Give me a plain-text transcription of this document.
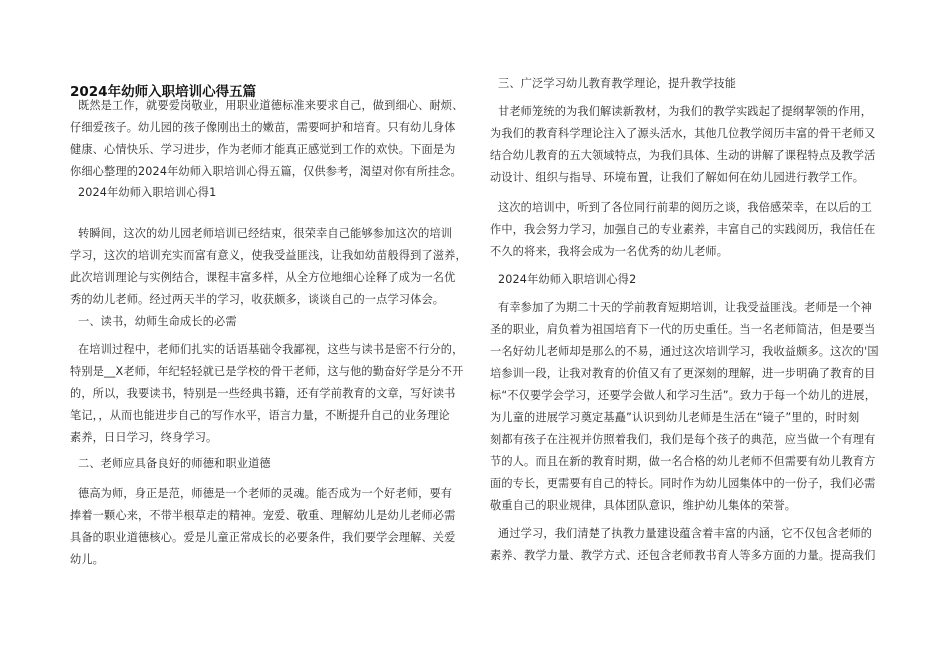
2024年幼师入职培训心得五篇
既然是工作，就要爱岗敬业，用职业道德标准来要求自己，做到细心、耐烦、
仔细爱孩子。幼儿园的孩子像刚出土的嫩苗，需要呵护和培育。只有幼儿身体
健康、心情快乐、学习进步，作为老师才能真正感觉到工作的欢快。下面是为
你细心整理的2024年幼师入职培训心得五篇，仅供参考，渴望对你有所挂念。
2024年幼师入职培训心得1
转瞬间，这次的幼儿园老师培训已经结束，很荣幸自己能够参加这次的培训
学习，这次的培训充实而富有意义，使我受益匪浅，让我如幼苗般得到了滋养，
此次培训理论与实例结合，课程丰富多样，从全方位地细心诠释了成为一名优
秀的幼儿老师。经过两天半的学习，收获颇多，谈谈自己的一点学习体会。
一、读书，幼师生命成长的必需
在培训过程中，老师们扎实的话语基础令我鄙视，这些与读书是密不行分的，
特别是__X老师，年纪轻轻就已是学校的骨干老师，这与他的勤奋好学是分不开
的，所以，我要读书，特别是一些经典书籍，还有学前教育的文章，写好读书
笔记，，从而也能进步自己的写作水平，语言力量，不断提升自己的业务理论
素养，日日学习，终身学习。
二、老师应具备良好的师德和职业道德
德高为师，身正是范，师德是一个老师的灵魂。能否成为一个好老师，要有
捧着一颗心来，不带半根草走的精神。宠爱、敬重、理解幼儿是幼儿老师必需
具备的职业道德核心。爱是儿童正常成长的必要条件，我们要学会理解、关爱
幼儿。
三、广泛学习幼儿教育教学理论，提升教学技能
甘老师笼统的为我们解读新教材，为我们的教学实践起了提纲挈领的作用，
为我们的教育科学理论注入了源头活水，其他几位教学阅历丰富的骨干老师又
结合幼儿教育的五大领域特点，为我们具体、生动的讲解了课程特点及教学活
动设计、组织与指导、环境布置，让我们了解如何在幼儿园进行教学工作。
这次的培训中，听到了各位同行前辈的阅历之谈，我倍感荣幸，在以后的工
作中，我会努力学习，加强自己的专业素养，丰富自己的实践阅历，我信任在
不久的将来，我将会成为一名优秀的幼儿老师。
2024年幼师入职培训心得2
有幸参加了为期二十天的学前教育短期培训，让我受益匪浅。老师是一个神
圣的职业，肩负着为祖国培育下一代的历史重任。当一名老师简洁，但是要当
一名好幼儿老师却是那么的不易，通过这次培训学习，我收益颇多。这次的'国
培参训一段，让我对教育的价值又有了更深刻的理解，进一步明确了教育的目
标“不仅要学会学习，还要学会做人和学习生活”。致力于每一个幼儿的进展，
为儿童的进展学习奠定基矗”认识到幼儿老师是生活在“镜子”里的，时时刻
刻都有孩子在注视并仿照着我们，我们是每个孩子的典范，应当做一个有理有
节的人。而且在新的教育时期，做一名合格的幼儿老师不但需要有幼儿教育方
面的专长，更需要有自己的特长。同时作为幼儿园集体中的一份子，我们必需
敬重自己的职业规律，具体团队意识，维护幼儿集体的荣誉。
通过学习，我们清楚了执教力量建设蕴含着丰富的内涵，它不仅包含老师的
素养、教学力量、教学方式、还包含老师教书育人等多方面的力量。提高我们
